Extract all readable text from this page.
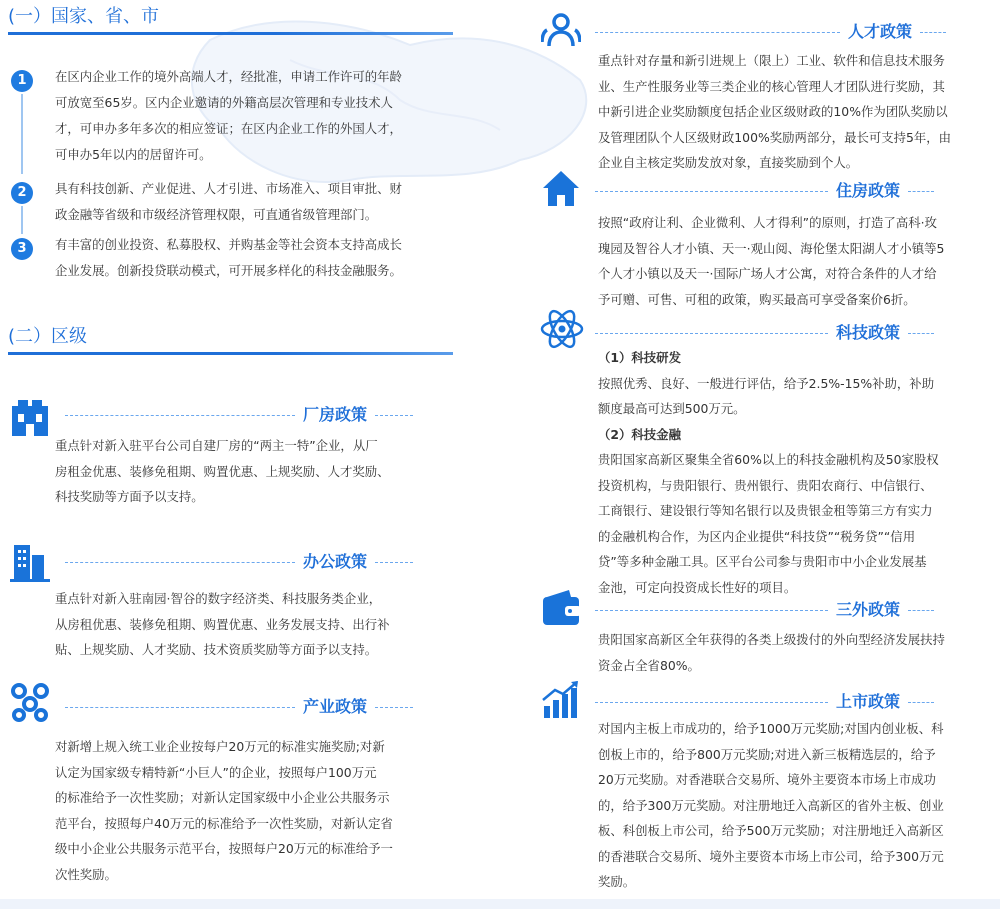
(一）国家、省、市
1	在区内企业工作的境外高端人才，经批准，申请工作许可的年龄
可放宽至65岁。区内企业邀请的外籍高层次管理和专业技术人
才，可申办多年多次的相应签证；在区内企业工作的外国人才，
可申办5年以内的居留许可。
2	具有科技创新、产业促进、人才引进、市场准入、项目审批、财
政金融等省级和市级经济管理权限，可直通省级管理部门。
3	有丰富的创业投资、私募股权、并购基金等社会资本支持高成长
企业发展。创新投贷联动模式，可开展多样化的科技金融服务。
(二）区级
厂房政策
重点针对新入驻平台公司自建厂房的“两主一特”企业，从厂
房租金优惠、装修免租期、购置优惠、上规奖励、人才奖励、
科技奖励等方面予以支持。
办公政策
重点针对新入驻南园·智谷的数字经济类、科技服务类企业，
从房租优惠、装修免租期、购置优惠、业务发展支持、出行补
贴、上规奖励、人才奖励、技术资质奖励等方面予以支持。
产业政策
对新增上规入统工业企业按每户20万元的标准实施奖励;对新
认定为国家级专精特新“小巨人”的企业，按照每户100万元
的标准给予一次性奖励；对新认定国家级中小企业公共服务示
范平台，按照每户40万元的标准给予一次性奖励，对新认定省
级中小企业公共服务示范平台，按照每户20万元的标准给予一
次性奖励。
人才政策
重点针对存量和新引进规上（限上）工业、软件和信息技术服务
业、生产性服务业等三类企业的核心管理人才团队进行奖励，其
中新引进企业奖励额度包括企业区级财政的10%作为团队奖励以
及管理团队个人区级财政100%奖励两部分，最长可支持5年，由
企业自主核定奖励发放对象，直接奖励到个人。
住房政策
按照“政府让利、企业微利、人才得利”的原则，打造了高科·玫
瑰园及智谷人才小镇、天一·观山阅、海伦堡太阳湖人才小镇等5
个人才小镇以及天一·国际广场人才公寓，对符合条件的人才给
予可赠、可售、可租的政策，购买最高可享受备案价6折。
科技政策
（1）科技研发
按照优秀、良好、一般进行评估，给予2.5%-15%补助，补助
额度最高可达到500万元。
（2）科技金融
贵阳国家高新区聚集全省60%以上的科技金融机构及50家股权
投资机构，与贵阳银行、贵州银行、贵阳农商行、中信银行、
工商银行、建设银行等知名银行以及贵银金租等第三方有实力
的金融机构合作，为区内企业提供“科技贷”“税务贷”“信用
贷”等多种金融工具。区平台公司参与贵阳市中小企业发展基
金池，可定向投资成长性好的项目。
三外政策
贵阳国家高新区全年获得的各类上级拨付的外向型经济发展扶持
资金占全省80%。
上市政策
对国内主板上市成功的，给予1000万元奖励;对国内创业板、科
创板上市的，给予800万元奖励;对进入新三板精选层的，给予
20万元奖励。对香港联合交易所、境外主要资本市场上市成功
的，给予300万元奖励。对注册地迁入高新区的省外主板、创业
板、科创板上市公司，给予500万元奖励；对注册地迁入高新区
的香港联合交易所、境外主要资本市场上市公司，给予300万元
奖励。
